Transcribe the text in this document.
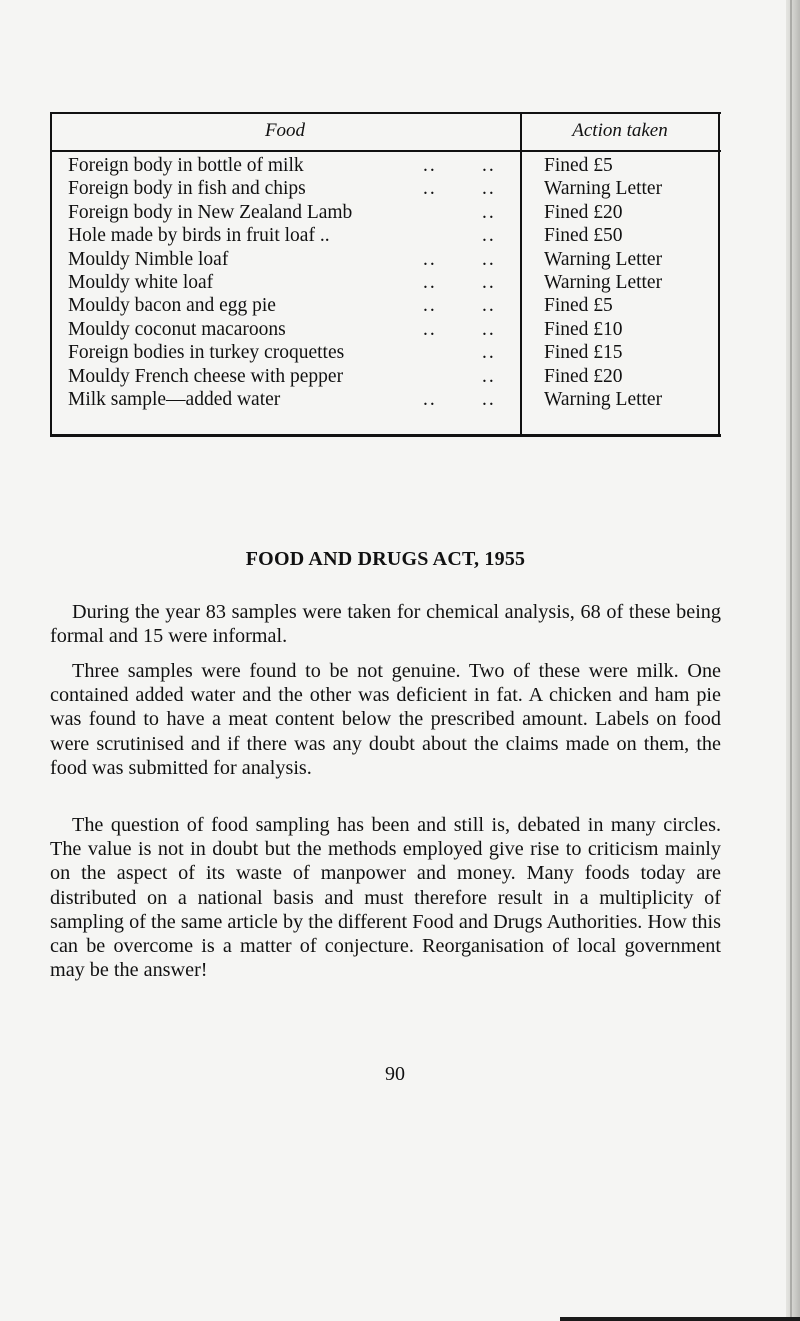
Food	Action taken
Foreign body in bottle of milk	.. .. Fined £5
Foreign body in fish and chips	.. .. Warning Letter
Foreign body in New Zealand Lamb	.. Fined £20
Hole made by birds in fruit loaf ..	.. Fined £50
Mouldy Nimble loaf	.. .. Warning Letter
Mouldy white loaf	.. .. Warning Letter
Mouldy bacon and egg pie	.. .. Fined £5
Mouldy coconut macaroons	.. .. Fined £10
Foreign bodies in turkey croquettes	.. Fined £15
Mouldy French cheese with pepper	.. Fined £20
Milk sample—added water	.. .. Warning Letter
FOOD AND DRUGS ACT, 1955
During the year 83 samples were taken for chemical analysis, 68 of these being formal and 15 were informal.
Three samples were found to be not genuine. Two of these were milk. One contained added water and the other was deficient in fat. A chicken and ham pie was found to have a meat content below the prescribed amount. Labels on food were scrutinised and if there was any doubt about the claims made on them, the food was submitted for analysis.
The question of food sampling has been and still is, debated in many circles. The value is not in doubt but the methods employed give rise to criticism mainly on the aspect of its waste of manpower and money. Many foods today are distributed on a national basis and must therefore result in a multiplicity of sampling of the same article by the different Food and Drugs Authorities. How this can be overcome is a matter of conjecture. Reorganisation of local government may be the answer!
90
